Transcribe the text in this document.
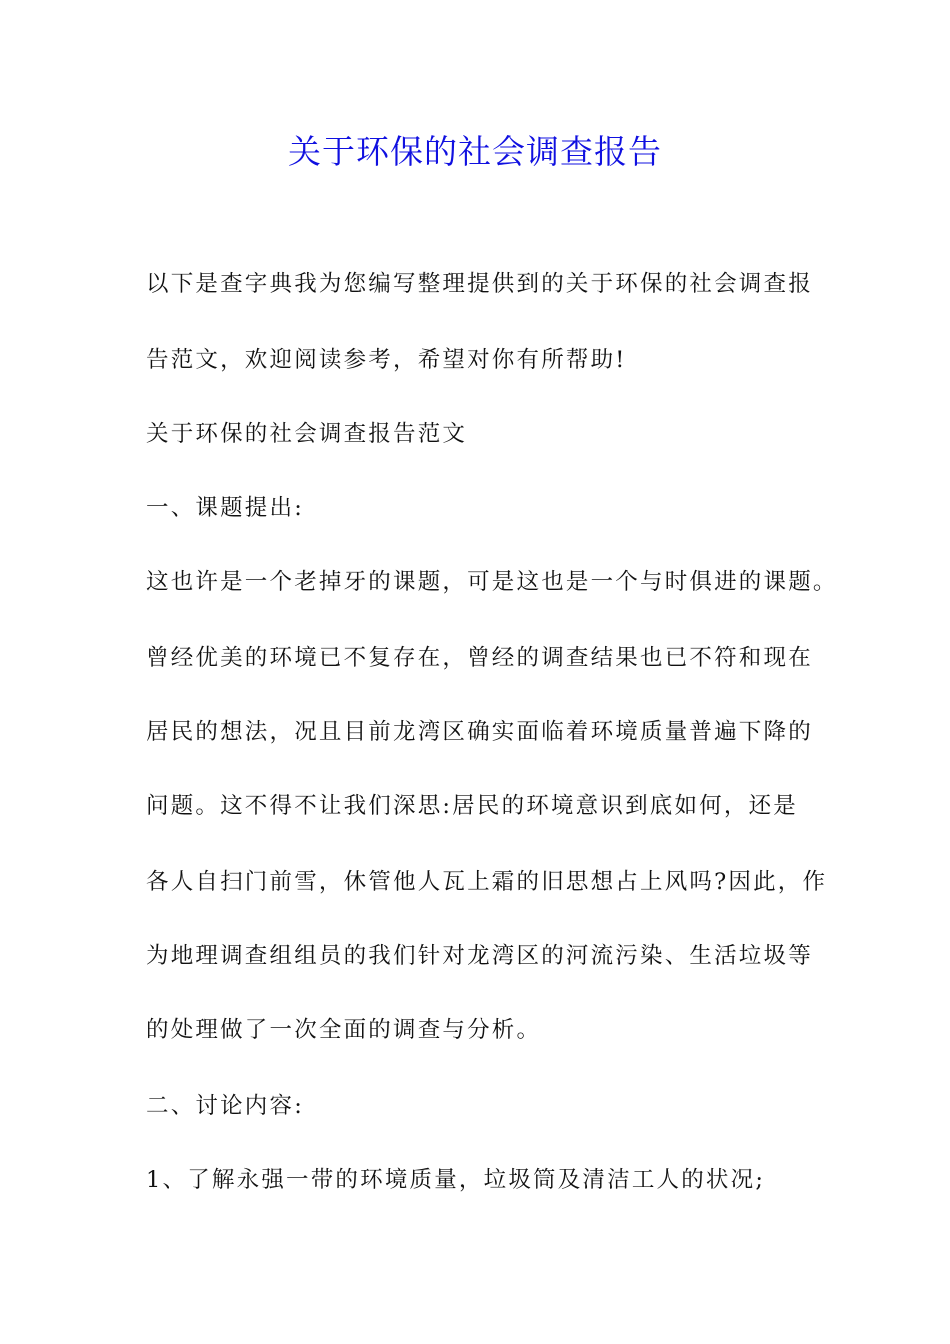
关于环保的社会调查报告
以下是查字典我为您编写整理提供到的关于环保的社会调查报
告范文，欢迎阅读参考，希望对你有所帮助!
关于环保的社会调查报告范文
一、课题提出:
这也许是一个老掉牙的课题，可是这也是一个与时俱进的课题。
曾经优美的环境已不复存在，曾经的调查结果也已不符和现在
居民的想法，况且目前龙湾区确实面临着环境质量普遍下降的
问题。这不得不让我们深思:居民的环境意识到底如何，还是
各人自扫门前雪，休管他人瓦上霜的旧思想占上风吗?因此，作
为地理调查组组员的我们针对龙湾区的河流污染、生活垃圾等
的处理做了一次全面的调查与分析。
二、讨论内容:
1、了解永强一带的环境质量，垃圾筒及清洁工人的状况;
